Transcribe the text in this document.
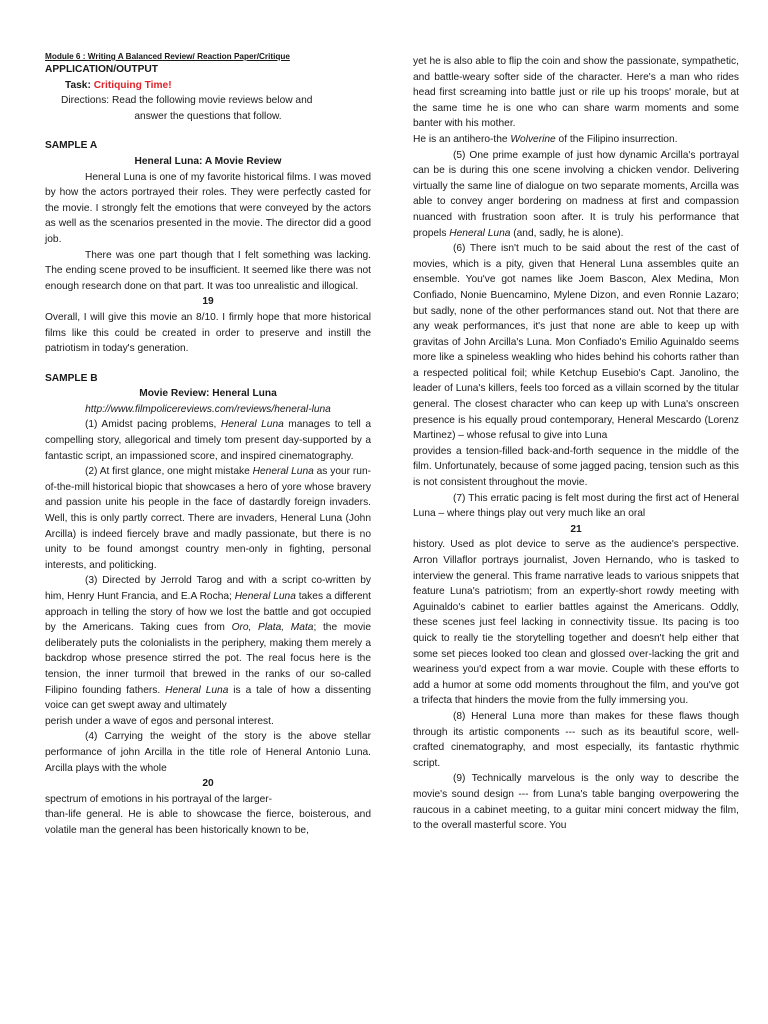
Module 6 : Writing A Balanced Review/ Reaction Paper/Critique
APPLICATION/OUTPUT
Task: Critiquing Time!
Directions: Read the following movie reviews below and
answer the questions that follow.
SAMPLE A
Heneral Luna: A Movie Review

Heneral Luna is one of my favorite historical films. I was moved by how the actors portrayed their roles. They were perfectly casted for the movie. I strongly felt the emotions that were conveyed by the actors as well as the scenarios presented in the movie. The director did a good job.

There was one part though that I felt something was lacking. The ending scene proved to be insufficient. It seemed like there was not enough research done on that part. It was too unrealistic and illogical.

19

Overall, I will give this movie an 8/10. I firmly hope that more historical films like this could be created in order to preserve and instill the patriotism in today's generation.

SAMPLE B
Movie Review: Heneral Luna
http://www.filmpolicereviews.com/reviews/heneral-luna

(1) Amidst pacing problems, Heneral Luna manages to tell a compelling story, allegorical and timely tom present day-supported by a fantastic script, an impassioned score, and inspired cinematography.

(2) At first glance, one might mistake Heneral Luna as your run-of-the-mill historical biopic that showcases a hero of yore whose bravery and passion unite his people in the face of dastardly foreign invaders. Well, this is only partly correct. There are invaders, Heneral Luna (John Arcilla) is indeed fiercely brave and madly passionate, but there is no unity to be found amongst country men-only in fighting, personal interests, and politicking.

(3) Directed by Jerrold Tarog and with a script co-written by him, Henry Hunt Francia, and E.A Rocha; Heneral Luna takes a different approach in telling the story of how we lost the battle and got occupied by the Americans. Taking cues from Oro, Plata, Mata; the movie deliberately puts the colonialists in the periphery, making them merely a backdrop whose presence stirred the pot. The real focus here is the tension, the inner turmoil that brewed in the ranks of our so-called Filipino founding fathers. Heneral Luna is a tale of how a dissenting voice can get swept away and ultimately

perish under a wave of egos and personal interest.

(4) Carrying the weight of the story is the above stellar performance of john Arcilla in the title role of Heneral Antonio Luna. Arcilla plays with the whole

20

spectrum of emotions in his portrayal of the larger-

than-life general. He is able to showcase the fierce, boisterous, and volatile man the general has been historically known to be,

yet he is also able to flip the coin and show the passionate, sympathetic, and battle-weary softer side of the character. Here's a man who rides head first screaming into battle just or rile up his troops' morale, but at the same time he is one who can share warm moments and some banter with his mother.

He is an antihero-the Wolverine of the Filipino insurrection.

(5) One prime example of just how dynamic Arcilla's portrayal can be is during this one scene involving a chicken vendor. Delivering virtually the same line of dialogue on two separate moments, Arcilla was able to convey anger bordering on madness at first and compassion nuanced with frustration soon after. It is truly his performance that propels Heneral Luna (and, sadly, he is alone).

(6) There isn't much to be said about the rest of the cast of movies, which is a pity, given that Heneral Luna assembles quite an ensemble. You've got names like Joem Bascon, Alex Medina, Mon Confiado, Nonie Buencamino, Mylene Dizon, and even Ronnie Lazaro; but sadly, none of the other performances stand out. Not that there are any weak performances, it's just that none are able to keep up with gravitas of John Arcilla's Luna. Mon Confiado's Emilio Aguinaldo seems more like a spineless weakling who hides behind his cohorts rather than a respected political foil; while Ketchup Eusebio's Capt. Janolino, the leader of Luna's killers, feels too forced as a villain scorned by the titular general. The closest character who can keep up with Luna's onscreen presence is his equally proud contemporary, Heneral Mescardo (Lorenz Martinez) – whose refusal to give into Luna

provides a tension-filled back-and-forth sequence in the middle of the film. Unfortunately, because of some jagged pacing, tension such as this is not consistent throughout the movie.

(7) This erratic pacing is felt most during the first act of Heneral Luna – where things play out very much like an oral

21

history. Used as plot device to serve as the audience's perspective. Arron Villaflor portrays journalist, Joven Hernando, who is tasked to interview the general. This frame narrative leads to various snippets that feature Luna's patriotism; from an expertly-short rowdy meeting with Aguinaldo's cabinet to earlier battles against the Americans. Oddly, these scenes just feel lacking in connectivity tissue. Its pacing is too quick to really tie the storytelling together and doesn't help either that some set pieces looked too clean and glossed over-lacking the grit and weariness you'd expect from a war movie. Couple with these efforts to add a humor at some odd moments throughout the film, and you've got a trifecta that hinders the movie from the fully immersing you.

(8) Heneral Luna more than makes for these flaws though through its artistic components --- such as its beautiful score, well-crafted cinematography, and most especially, its fantastic rhythmic script.

(9) Technically marvelous is the only way to describe the movie's sound design --- from Luna's table banging overpowering the raucous in a cabinet meeting, to a guitar mini concert midway the film, to the overall masterful score. You
